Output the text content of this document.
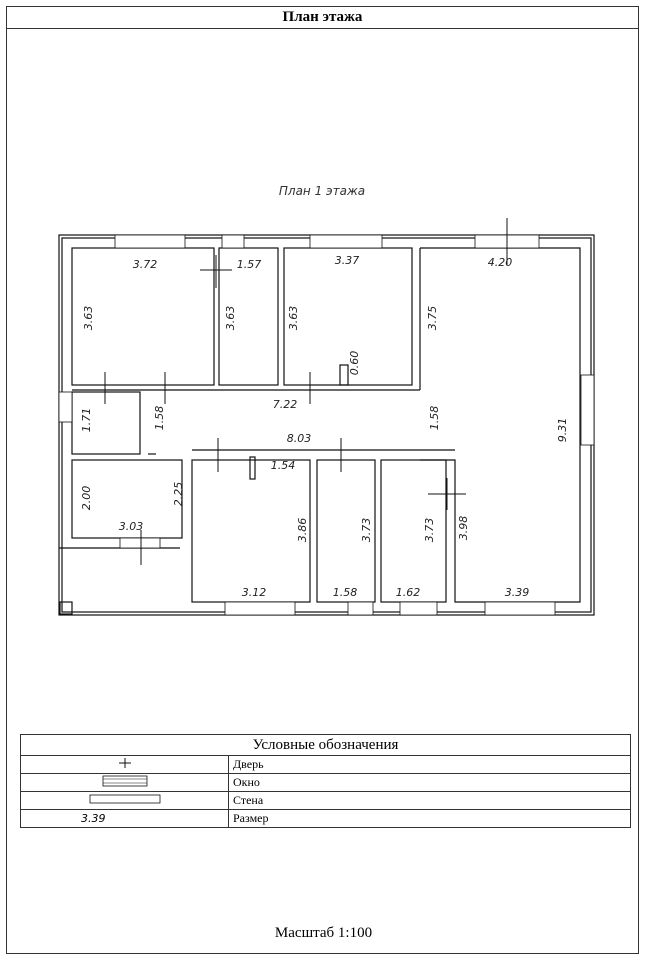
План этажа
План 1 этажа
3.72
3.63
1.57
3.63
3.37
3.63
0.60
3.75
4.20
7.22
1.58	1.58
1.71	9.31
8.03
2.00	2.25
3.03
1.54
3.86
3.12
3.73
1.58
3.73
1.62
3.98
3.39
Условные обозначения	
	Дверь
	Окно
	Стена
3.39	Размер
Масштаб 1:100
